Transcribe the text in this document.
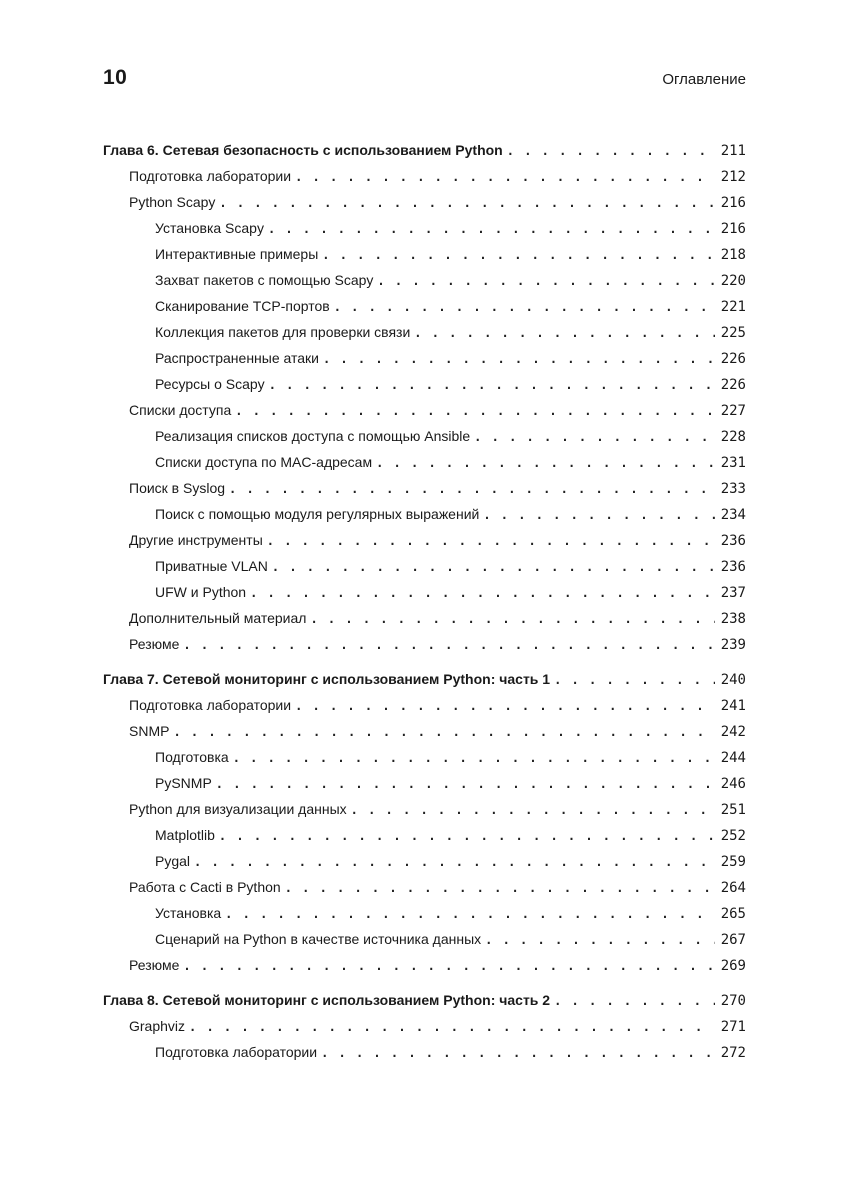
10	Оглавление
Глава 6. Сетевая безопасность с использованием Python . . .	211
Подготовка лаборатории . . .	212
Python Scapy . . .	216
Установка Scapy . . .	216
Интерактивные примеры . . .	218
Захват пакетов с помощью Scapy . . .	220
Сканирование TCP-портов . . .	221
Коллекция пакетов для проверки связи . . .	225
Распространенные атаки . . .	226
Ресурсы о Scapy . . .	226
Списки доступа . . .	227
Реализация списков доступа с помощью Ansible . . .	228
Списки доступа по MAC-адресам . . .	231
Поиск в Syslog . . .	233
Поиск с помощью модуля регулярных выражений . . .	234
Другие инструменты . . .	236
Приватные VLAN . . .	236
UFW и Python . . .	237
Дополнительный материал . . .	238
Резюме . . .	239
Глава 7. Сетевой мониторинг с использованием Python: часть 1 . . .	240
Подготовка лаборатории . . .	241
SNMP . . .	242
Подготовка . . .	244
PySNMP . . .	246
Python для визуализации данных . . .	251
Matplotlib . . .	252
Pygal . . .	259
Работа с Cacti в Python . . .	264
Установка . . .	265
Сценарий на Python в качестве источника данных . . .	267
Резюме . . .	269
Глава 8. Сетевой мониторинг с использованием Python: часть 2 . . .	270
Graphviz . . .	271
Подготовка лаборатории . . .	272
